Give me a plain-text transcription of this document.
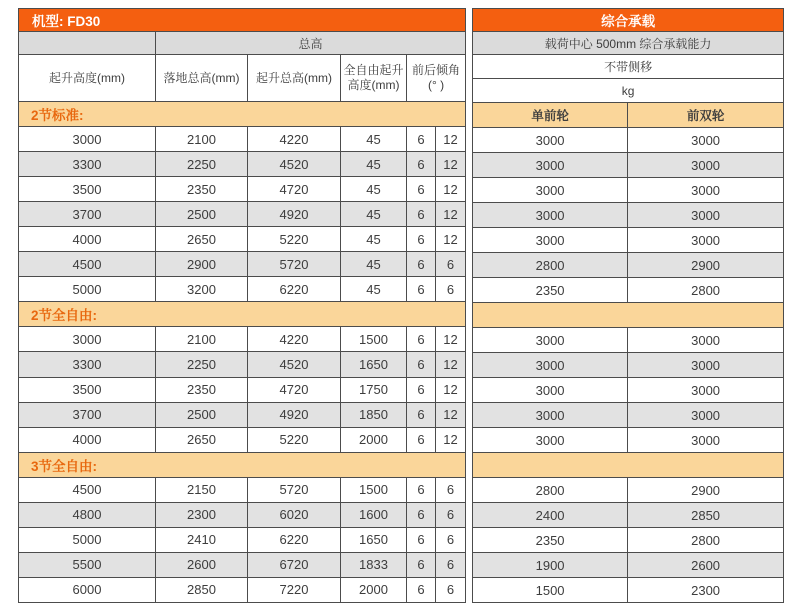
机型: FD30					
	总高				
起升高度(mm)	落地总高(mm)	起升总高(mm)	全自由起升高度(mm)	前后倾角
(° )	

2节标准:					
3000	2100	4220	45	6	12
3300	2250	4520	45	6	12
3500	2350	4720	45	6	12
3700	2500	4920	45	6	12
4000	2650	5220	45	6	12
4500	2900	5720	45	6	6
5000	3200	6220	45	6	6
2节全自由:					
3000	2100	4220	1500	6	12
3300	2250	4520	1650	6	12
3500	2350	4720	1750	6	12
3700	2500	4920	1850	6	12
4000	2650	5220	2000	6	12
3节全自由:					
4500	2150	5720	1500	6	6
4800	2300	6020	1600	6	6
5000	2410	6220	1650	6	6
5500	2600	6720	1833	6	6
6000	2850	7220	2000	6	6
综合承载	
载荷中心 500mm 综合承载能力	
不带侧移	
kg	
单前轮	前双轮
3000	3000
3000	3000
3000	3000
3000	3000
3000	3000
2800	2900
2350	2800

3000	3000
3000	3000
3000	3000
3000	3000
3000	3000

2800	2900
2400	2850
2350	2800
1900	2600
1500	2300
